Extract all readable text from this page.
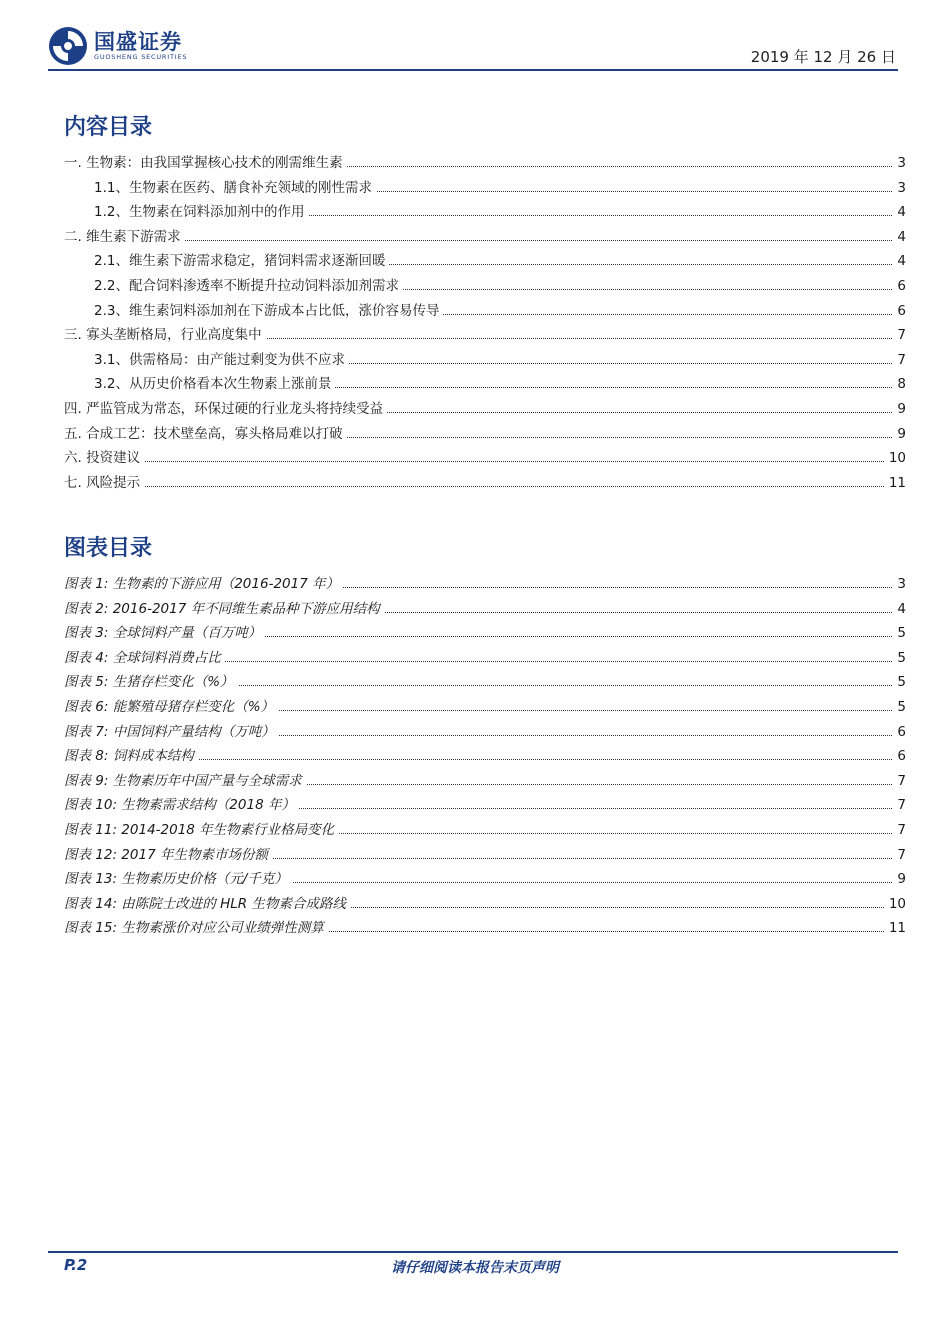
国盛证券
GUOSHENG SECURITIES	2019 年 12 月 26 日
内容目录
一. 生物素：由我国掌握核心技术的刚需维生素	3
1.1、生物素在医药、膳食补充领域的刚性需求	3
1.2、生物素在饲料添加剂中的作用	4
二. 维生素下游需求	4
2.1、维生素下游需求稳定，猪饲料需求逐渐回暖	4
2.2、配合饲料渗透率不断提升拉动饲料添加剂需求	6
2.3、维生素饲料添加剂在下游成本占比低，涨价容易传导	6
三. 寡头垄断格局，行业高度集中	7
3.1、供需格局：由产能过剩变为供不应求	7
3.2、从历史价格看本次生物素上涨前景	8
四. 严监管成为常态，环保过硬的行业龙头将持续受益	9
五. 合成工艺：技术壁垒高，寡头格局难以打破	9
六. 投资建议	10
七. 风险提示	11
图表目录
图表 1: 生物素的下游应用（2016-2017 年）	3
图表 2: 2016-2017 年不同维生素品种下游应用结构	4
图表 3: 全球饲料产量（百万吨）	5
图表 4: 全球饲料消费占比	5
图表 5: 生猪存栏变化（%）	5
图表 6: 能繁殖母猪存栏变化（%）	5
图表 7: 中国饲料产量结构（万吨）	6
图表 8: 饲料成本结构	6
图表 9: 生物素历年中国产量与全球需求	7
图表 10: 生物素需求结构（2018 年）	7
图表 11: 2014-2018 年生物素行业格局变化	7
图表 12: 2017 年生物素市场份额	7
图表 13: 生物素历史价格（元/千克）	9
图表 14: 由陈院士改进的 HLR 生物素合成路线	10
图表 15: 生物素涨价对应公司业绩弹性测算	11
P.2	请仔细阅读本报告末页声明
